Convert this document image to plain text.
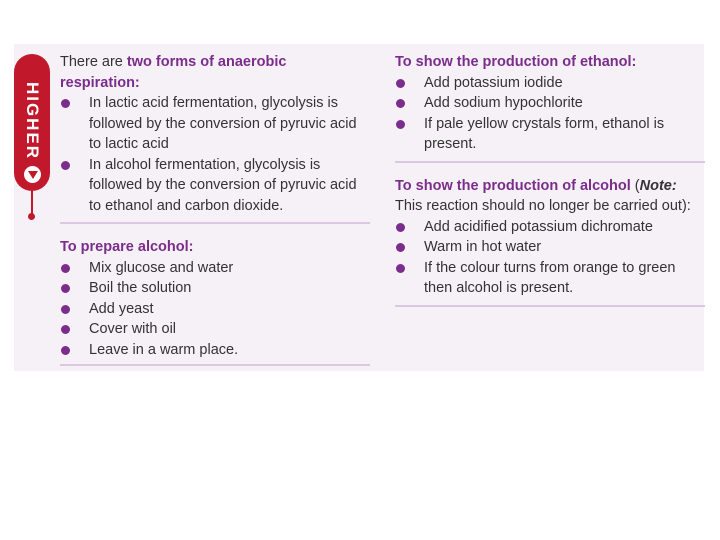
HIGHER
There are two forms of anaerobic respiration:
In lactic acid fermentation, glycolysis is followed by the conversion of pyruvic acid to lactic acid
In alcohol fermentation, glycolysis is followed by the conversion of pyruvic acid to ethanol and carbon dioxide.
To prepare alcohol:
Mix glucose and water
Boil the solution
Add yeast
Cover with oil
Leave in a warm place.
To show the production of ethanol:
Add potassium iodide
Add sodium hypochlorite
If pale yellow crystals form, ethanol is present.
To show the production of alcohol (Note:
This reaction should no longer be carried out):
Add acidified potassium dichromate
Warm in hot water
If the colour turns from orange to green then alcohol is present.
